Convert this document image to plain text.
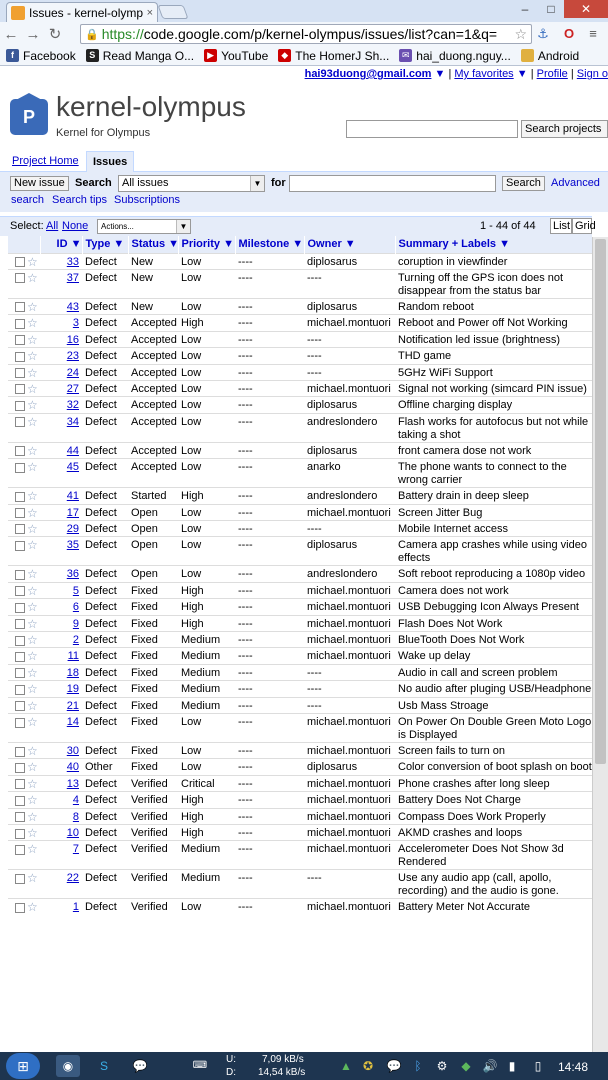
Issues - kernel-olymp ×	–	□	✕
← → ↻	🔒 https:// code.google.com/p/kernel-olympus/issues/list?can=1&q= ☆ ⚓	O	≡
f Facebook	S Read Manga O...	▶ YouTube	◆ The HomerJ Sh...	✉ hai_duong.nguy... Android
hai93duong@gmail.com ▼ | My favorites ▼ | Profile | Sign o
P kernel-olympus
Kernel for Olympus	Search projects
Project Home	Issues
New issue Search All issues	▼ for	Search Advanced
search Search tips Subscriptions
Select: All None	Actions...	▼	1 - 44 of 44 List Grid
	ID ▼	Type ▼	Status ▼	Priority ▼	Milestone ▼	Owner ▼	Summary + Labels ▼
☆	33	Defect	New	Low	----	diplosarus	coruption in viewfinder
☆	37	Defect	New	Low	----	----	Turning off the GPS icon does not disappear from the status bar
☆	43	Defect	New	Low	----	diplosarus	Random reboot
☆	3	Defect	Accepted	High	----	michael.montuori	Reboot and Power off Not Working
☆	16	Defect	Accepted	Low	----	----	Notification led issue (brightness)
☆	23	Defect	Accepted	Low	----	----	THD game
☆	24	Defect	Accepted	Low	----	----	5GHz WiFi Support
☆	27	Defect	Accepted	Low	----	michael.montuori	Signal not working (simcard PIN issue)
☆	32	Defect	Accepted	Low	----	diplosarus	Offline charging display
☆	34	Defect	Accepted	Low	----	andreslondero	Flash works for autofocus but not while taking a shot
☆	44	Defect	Accepted	Low	----	diplosarus	front camera dose not work
☆	45	Defect	Accepted	Low	----	anarko	The phone wants to connect to the wrong carrier
☆	41	Defect	Started	High	----	andreslondero	Battery drain in deep sleep
☆	17	Defect	Open	Low	----	michael.montuori	Screen Jitter Bug
☆	29	Defect	Open	Low	----	----	Mobile Internet access
☆	35	Defect	Open	Low	----	diplosarus	Camera app crashes while using video effects
☆	36	Defect	Open	Low	----	andreslondero	Soft reboot reproducing a 1080p video
☆	5	Defect	Fixed	High	----	michael.montuori	Camera does not work
☆	6	Defect	Fixed	High	----	michael.montuori	USB Debugging Icon Always Present
☆	9	Defect	Fixed	High	----	michael.montuori	Flash Does Not Work
☆	2	Defect	Fixed	Medium	----	michael.montuori	BlueTooth Does Not Work
☆	11	Defect	Fixed	Medium	----	michael.montuori	Wake up delay
☆	18	Defect	Fixed	Medium	----	----	Audio in call and screen problem
☆	19	Defect	Fixed	Medium	----	----	No audio after pluging USB/Headphone
☆	21	Defect	Fixed	Medium	----	----	Usb Mass Stroage
☆	14	Defect	Fixed	Low	----	michael.montuori	On Power On Double Green Moto Logo is Displayed
☆	30	Defect	Fixed	Low	----	michael.montuori	Screen fails to turn on
☆	40	Other	Fixed	Low	----	diplosarus	Color conversion of boot splash on boot
☆	13	Defect	Verified	Critical	----	michael.montuori	Phone crashes after long sleep
☆	4	Defect	Verified	High	----	michael.montuori	Battery Does Not Charge
☆	8	Defect	Verified	High	----	michael.montuori	Compass Does Work Properly
☆	10	Defect	Verified	High	----	michael.montuori	AKMD crashes and loops
☆	7	Defect	Verified	Medium	----	michael.montuori	Accelerometer Does Not Show 3d Rendered
☆	22	Defect	Verified	Medium	----	----	Use any audio app (call, apollo, recording) and the audio is gone.
☆	1	Defect	Verified	Low	----	michael.montuori	Battery Meter Not Accurate
⊞	◉	S	💬	⌨
U:	7,09 kB/s
D: 14,54 kB/s	▲ ✪	💬	ᛒ	⚙	◆ 🔊 ▮	▯	14:48
